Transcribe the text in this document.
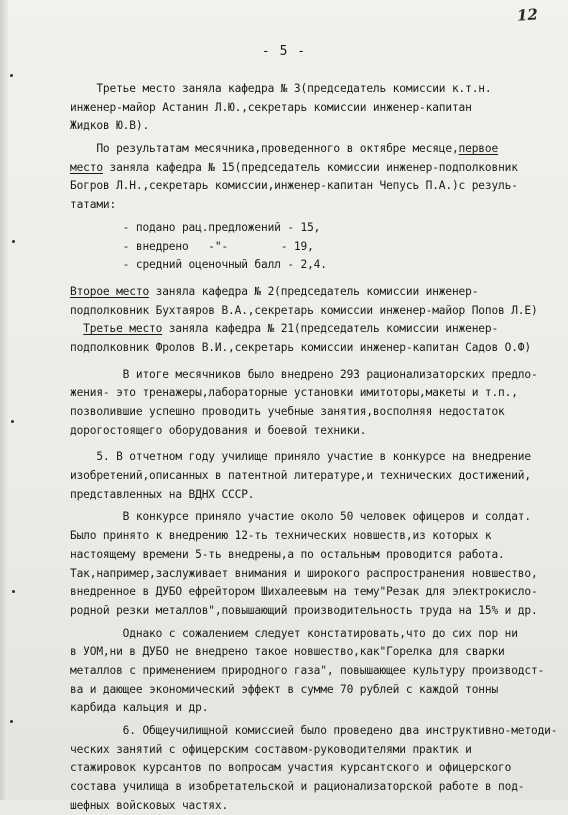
12
- 5 -
Третье место заняла кафедра № 3(председатель комиссии к.т.н.
инженер-майор Астанин Л.Ю.,секретарь комиссии инженер-капитан
Жидков Ю.В).
По результатам месячника,проведенного в октябре месяце,первое
место заняла кафедра № 15(председатель комиссии инженер-подполковник
Богров Л.Н.,секретарь комиссии,инженер-капитан Чепусь П.А.)с резуль-
татами:
- подано рац.предложений - 15,
- внедрено   -"-        - 19,
- средний оценочный балл - 2,4.
Второе место заняла кафедра № 2(председатель комиссии инженер-
подполковник Бухтаяров В.А.,секретарь комиссии инженер-майор Попов Л.Е)
Третье место заняла кафедра № 21(председатель комиссии инженер-
подполковник Фролов В.И.,секретарь комиссии инженер-капитан Садов О.Ф)
В итоге месячников было внедрено 293 рационализаторских предло-
жения- это тренажеры,лабораторные установки имитоторы,макеты и т.п.,
позволившие успешно проводить учебные занятия,восполняя недостаток
дорогостоящего оборудования и боевой техники.
5. В отчетном году училище приняло участие в конкурсе на внедрение
изобретений,описанных в патентной литературе,и технических достижений,
представленных на ВДНХ СССР.
В конкурсе приняло участие около 50 человек офицеров и солдат.
Было принято к внедрению 12-ть технических новшеств,из которых к
настоящему времени 5-ть внедрены,а по остальным проводится работа.
Так,например,заслуживает внимания и широкого распространения новшество,
внедренное в ДУБО ефрейтором Шихалеевым на тему"Резак для электрокисло-
родной резки металлов",повышающий производительность труда на 15% и др.
Однако с сожалением следует констатировать,что до сих пор ни
в УОМ,ни в ДУБО не внедрено такое новшество,как"Горелка для сварки
металлов с применением природного газа", повышающее культуру производст-
ва и дающее экономический эффект в сумме 70 рублей с каждой тонны
карбида кальция и др.
6. Общеучилищной комиссией было проведено два инструктивно-методи-
ческих занятий с офицерским составом-руководителями практик и
стажировок курсантов по вопросам участия курсантского и офицерского
состава училища в изобретательской и рационализаторской работе в под-
шефных войсковых частях.
